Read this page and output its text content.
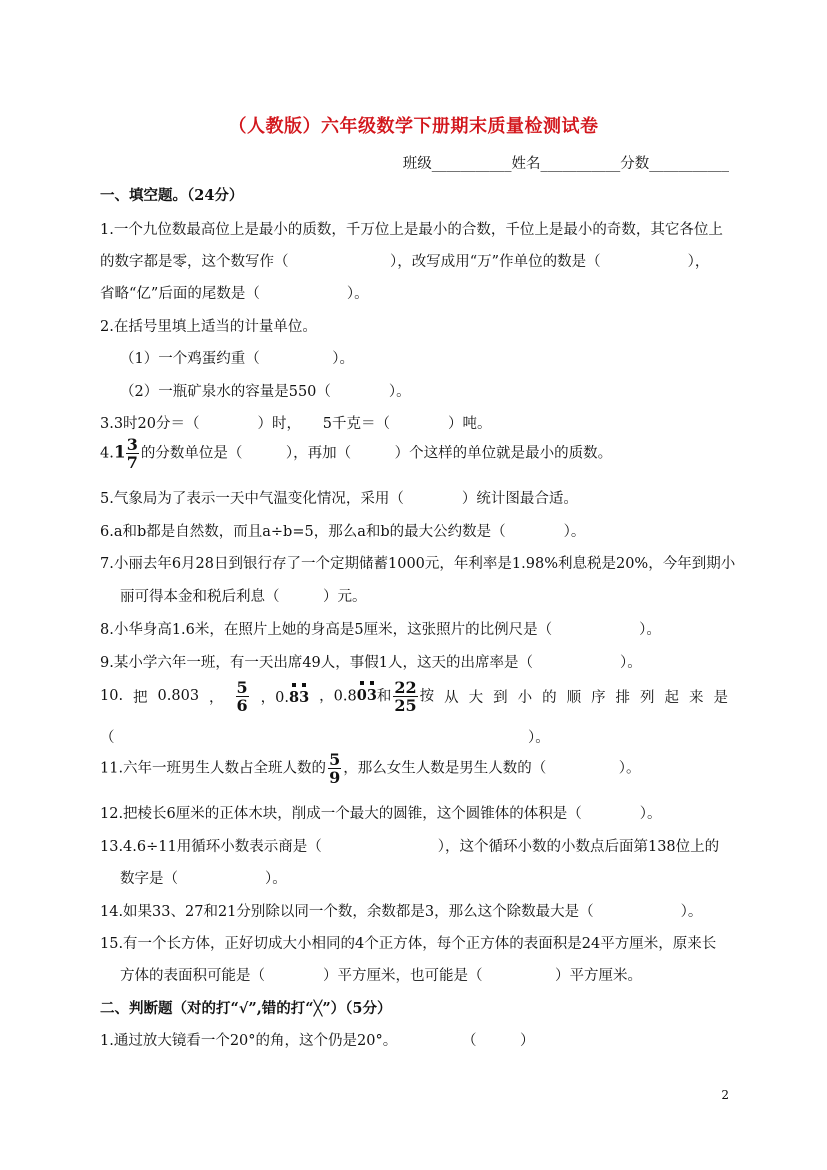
（人教版）六年级数学下册期末质量检测试卷
班级___________姓名___________分数___________
一、填空题。（24分）
1.一个九位数最高位上是最小的质数，千万位上是最小的合数，千位上是最小的奇数，其它各位上
的数字都是零，这个数写作（　　　　　　　），改写成用“万”作单位的数是（　　　　　　），
省略“亿”后面的尾数是（　　　　　　）。
2.在括号里填上适当的计量单位。
（1）一个鸡蛋约重（　　　　　）。
（2）一瓶矿泉水的容量是550（　　　　）。
3.3时20分＝（　　　　）时，　　5千克＝（　　　　）吨。
$4.1 \frac{3}{7}$ 的分数单位是（　　　），再加（　　　）个这样的单位就是最小的质数。
5.气象局为了表示一天中气温变化情况，采用（　　　　）统计图最合适。
6.a和b都是自然数，而且a÷b=5，那么a和b的最大公约数是（　　　　）。
7.小丽去年6月28日到银行存了一个定期储蓄1000元，年利率是1.98%利息税是20%，今年到期小
丽可得本金和税后利息（　　　）元。
8.小华身高1.6米，在照片上她的身高是5厘米，这张照片的比例尺是（　　　　　　）。
9.某小学六年一班，有一天出席49人，事假1人，这天的出席率是（　　　　　　）。
10. 把 0.803 ， $\frac{5}{6}$ ，0.83 ，0.803和 $\frac{22}{25}$ 按 从 大 到 小 的 顺 序 排 列 起 来 是
（	）。
11.六年一班男生人数占全班人数的 $\frac{5}{9}$ ，那么女生人数是男生人数的（　　　　　）。
12.把棱长6厘米的正体木块，削成一个最大的圆锥，这个圆锥体的体积是（　　　　）。
13.4.6÷11用循环小数表示商是（　　　　　　　　），这个循环小数的小数点后面第138位上的
数字是（　　　　　　）。
14.如果33、27和21分别除以同一个数，余数都是3，那么这个除数最大是（　　　　　　）。
15.有一个长方体，正好切成大小相同的4个正方体，每个正方体的表面积是24平方厘米，原来长
方体的表面积可能是（　　　　）平方厘米，也可能是（　　　　　）平方厘米。
二、判断题（对的打“√”,错的打“╳”）（5分）
1.通过放大镜看一个20°的角，这个仍是20°。	（　　　）
2
